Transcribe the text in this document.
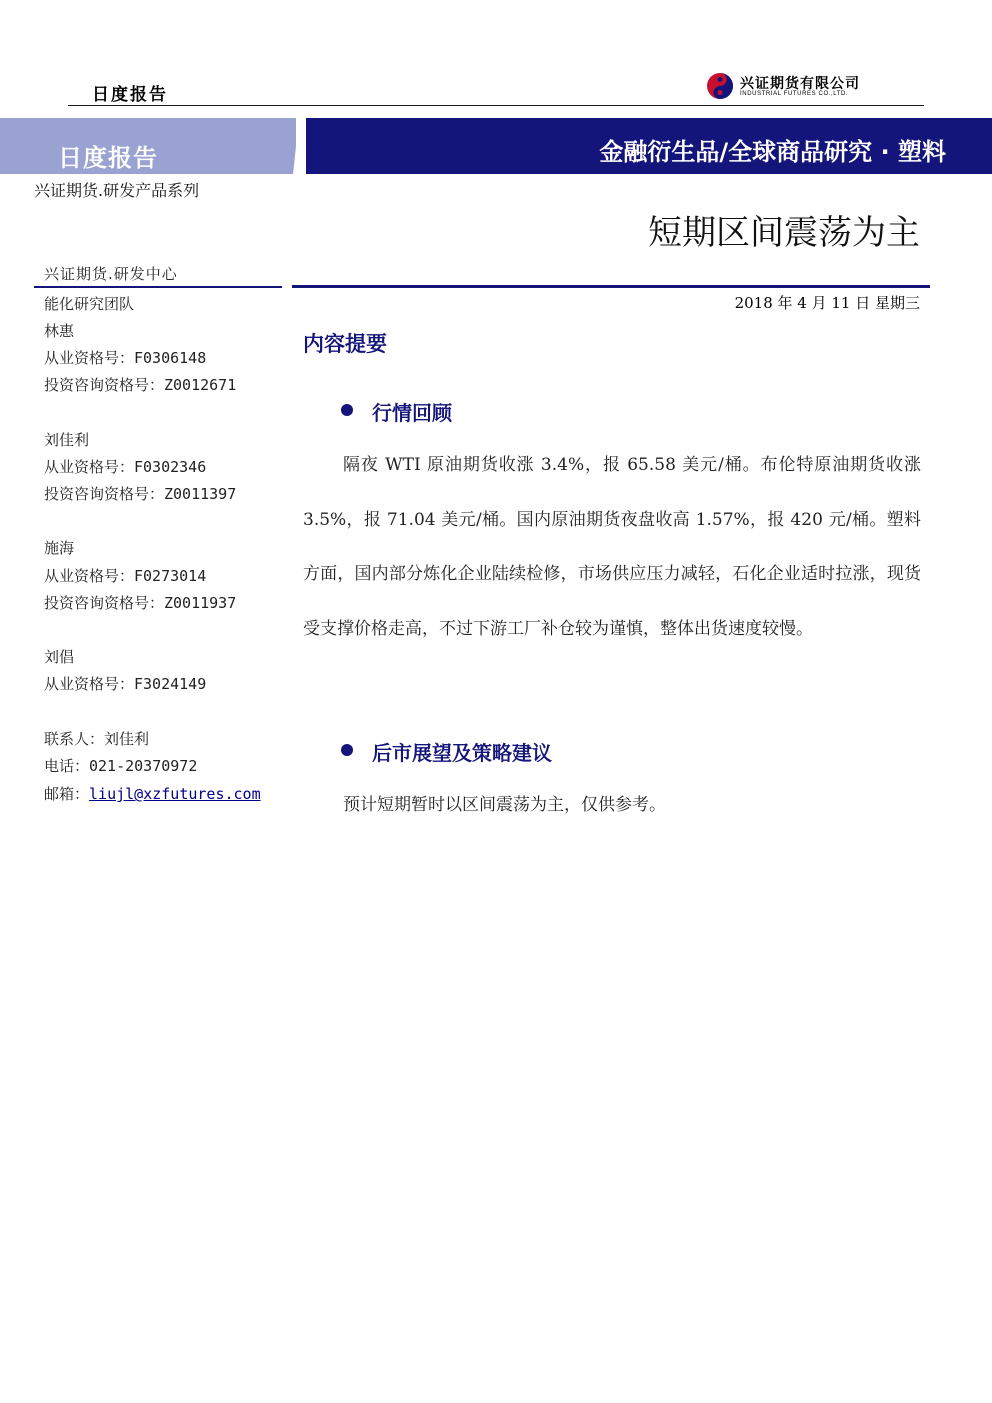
日度报告
兴证期货有限公司
INDUSTRIAL FUTURES CO.,LTD.
日度报告	金融衍生品/全球商品研究 · 塑料
兴证期货.研发产品系列
短期区间震荡为主
兴证期货.研发中心
能化研究团队
林惠
从业资格号：F0306148
投资咨询资格号：Z0012671
刘佳利
从业资格号：F0302346
投资咨询资格号：Z0011397
施海
从业资格号：F0273014
投资咨询资格号：Z0011937
刘倡
从业资格号：F3024149
联系人：刘佳利
电话：021-20370972
邮箱：liujl@xzfutures.com
2018 年 4 月 11 日 星期三
内容提要
行情回顾

隔夜 WTI 原油期货收涨 3.4%，报 65.58 美元/桶。布伦特原油期货收涨 3.5%，报 71.04 美元/桶。国内原油期货夜盘收高 1.57%，报 420 元/桶。塑料方面，国内部分炼化企业陆续检修，市场供应压力减轻，石化企业适时拉涨，现货受支撑价格走高，不过下游工厂补仓较为谨慎，整体出货速度较慢。

后市展望及策略建议

预计短期暂时以区间震荡为主，仅供参考。
